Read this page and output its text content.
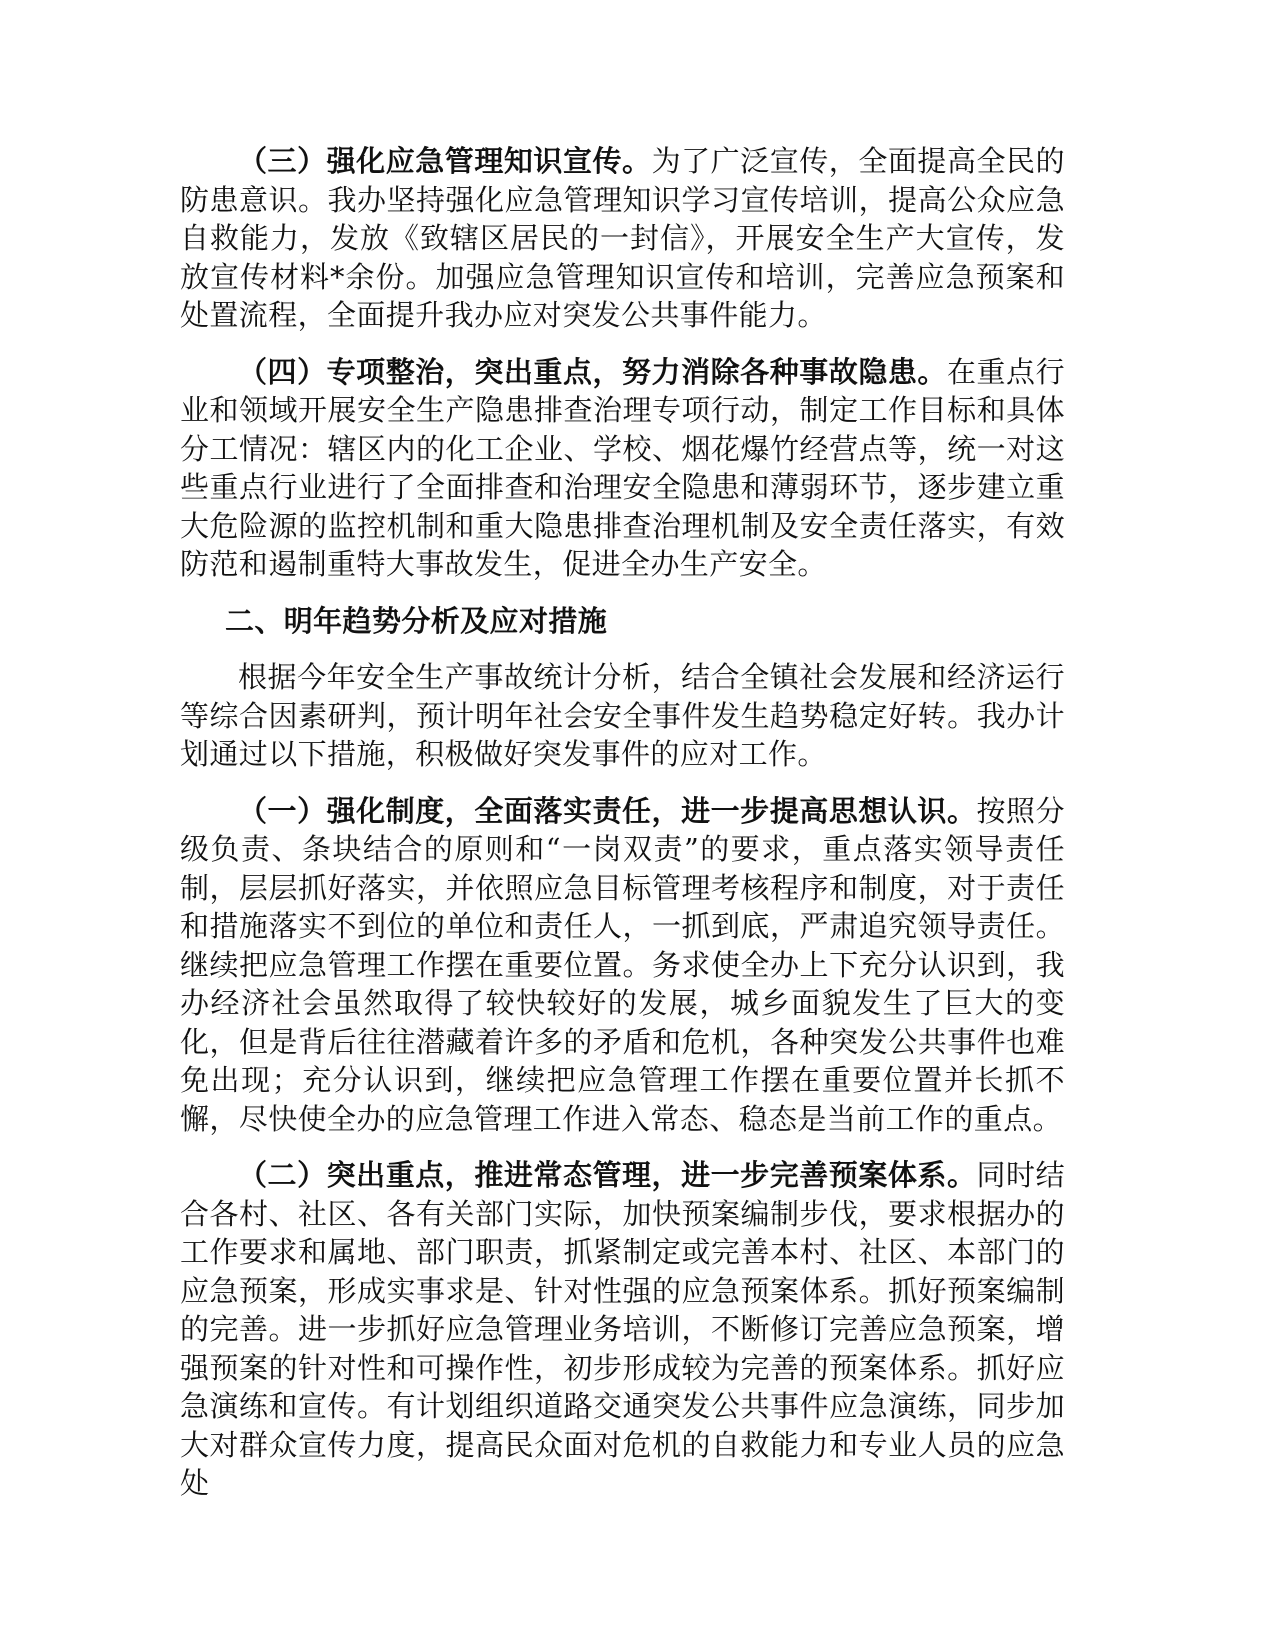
（三）强化应急管理知识宣传。为了广泛宣传，全面提高全民的防患意识。我办坚持强化应急管理知识学习宣传培训，提高公众应急自救能力，发放《致辖区居民的一封信》，开展安全生产大宣传，发放宣传材料*余份。加强应急管理知识宣传和培训，完善应急预案和处置流程，全面提升我办应对突发公共事件能力。

（四）专项整治，突出重点，努力消除各种事故隐患。在重点行业和领域开展安全生产隐患排查治理专项行动，制定工作目标和具体分工情况：辖区内的化工企业、学校、烟花爆竹经营点等，统一对这些重点行业进行了全面排查和治理安全隐患和薄弱环节，逐步建立重大危险源的监控机制和重大隐患排查治理机制及安全责任落实，有效防范和遏制重特大事故发生，促进全办生产安全。

二、明年趋势分析及应对措施

根据今年安全生产事故统计分析，结合全镇社会发展和经济运行等综合因素研判，预计明年社会安全事件发生趋势稳定好转。我办计划通过以下措施，积极做好突发事件的应对工作。

（一）强化制度，全面落实责任，进一步提高思想认识。按照分级负责、条块结合的原则和“一岗双责”的要求，重点落实领导责任制，层层抓好落实，并依照应急目标管理考核程序和制度，对于责任和措施落实不到位的单位和责任人，一抓到底，严肃追究领导责任。继续把应急管理工作摆在重要位置。务求使全办上下充分认识到，我办经济社会虽然取得了较快较好的发展，城乡面貌发生了巨大的变化，但是背后往往潜藏着许多的矛盾和危机，各种突发公共事件也难免出现；充分认识到，继续把应急管理工作摆在重要位置并长抓不懈，尽快使全办的应急管理工作进入常态、稳态是当前工作的重点。

（二）突出重点，推进常态管理，进一步完善预案体系。同时结合各村、社区、各有关部门实际，加快预案编制步伐，要求根据办的工作要求和属地、部门职责，抓紧制定或完善本村、社区、本部门的应急预案，形成实事求是、针对性强的应急预案体系。抓好预案编制的完善。进一步抓好应急管理业务培训，不断修订完善应急预案，增强预案的针对性和可操作性，初步形成较为完善的预案体系。抓好应急演练和宣传。有计划组织道路交通突发公共事件应急演练，同步加大对群众宣传力度，提高民众面对危机的自救能力和专业人员的应急处
